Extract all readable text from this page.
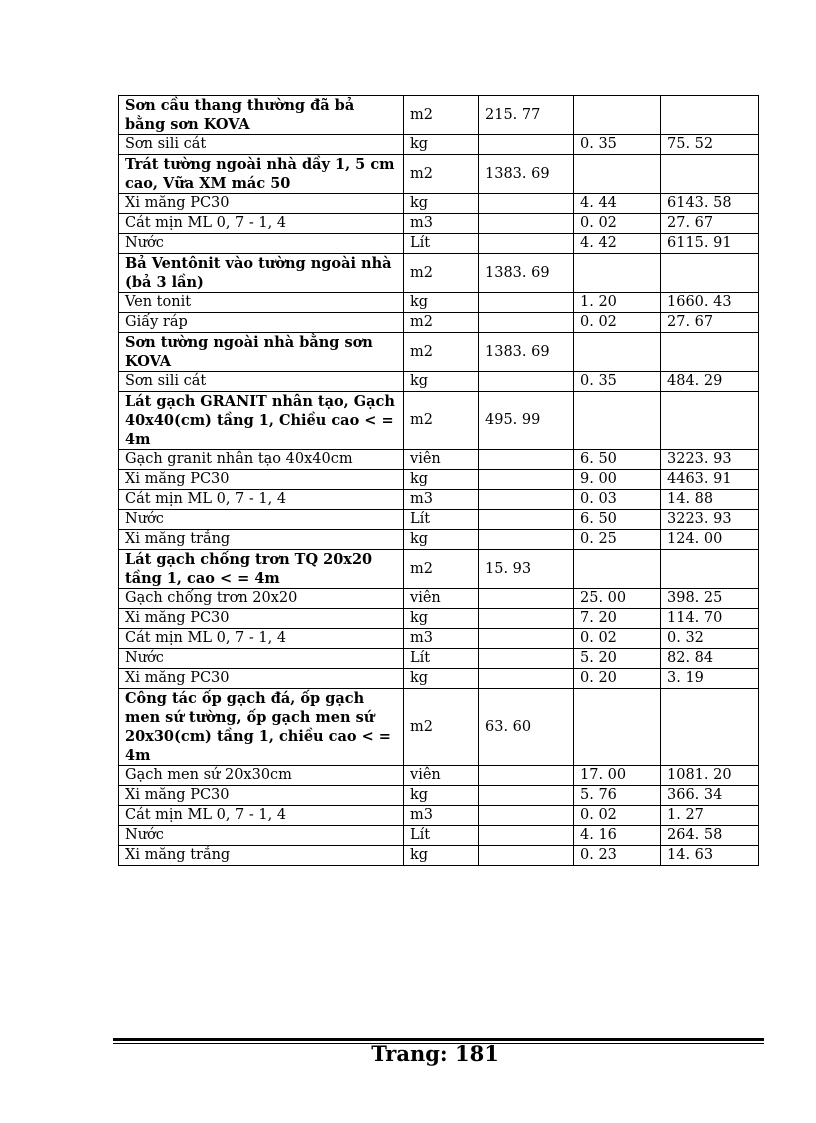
Sơn cầu thang thường đã bả bằng sơn KOVA	m2	215. 77		
Sơn sili cát	kg		0. 35	75. 52
Trát tường ngoài nhà dầy 1, 5 cm cao, Vữa XM mác 50	m2	1383. 69		
Xi măng PC30	kg		4. 44	6143. 58
Cát mịn ML 0, 7 - 1, 4	m3		0. 02	27. 67
Nước	Lít		4. 42	6115. 91
Bả Ventônit vào tường ngoài nhà (bả 3 lần)	m2	1383. 69		
Ven tonit	kg		1. 20	1660. 43
Giấy ráp	m2		0. 02	27. 67
Sơn tường ngoài nhà bằng sơn KOVA	m2	1383. 69		
Sơn sili cát	kg		0. 35	484. 29
Lát gạch GRANIT nhân tạo, Gạch 40x40(cm) tầng 1, Chiều cao < = 4m	m2	495. 99		
Gạch granit nhân tạo 40x40cm	viên		6. 50	3223. 93
Xi măng PC30	kg		9. 00	4463. 91
Cát mịn ML 0, 7 - 1, 4	m3		0. 03	14. 88
Nước	Lít		6. 50	3223. 93
Xi măng trắng	kg		0. 25	124. 00
Lát gạch chống trơn TQ 20x20 tầng 1, cao < = 4m	m2	15. 93		
Gạch chống trơn 20x20	viên		25. 00	398. 25
Xi măng PC30	kg		7. 20	114. 70
Cát mịn ML 0, 7 - 1, 4	m3		0. 02	0. 32
Nước	Lít		5. 20	82. 84
Xi măng PC30	kg		0. 20	3. 19
Công tác ốp gạch đá, ốp gạch men sứ tường, ốp gạch men sứ 20x30(cm) tầng 1, chiều cao < = 4m	m2	63. 60		
Gạch men sứ 20x30cm	viên		17. 00	1081. 20
Xi măng PC30	kg		5. 76	366. 34
Cát mịn ML 0, 7 - 1, 4	m3		0. 02	1. 27
Nước	Lít		4. 16	264. 58
Xi măng trắng	kg		0. 23	14. 63
Trang: 181
